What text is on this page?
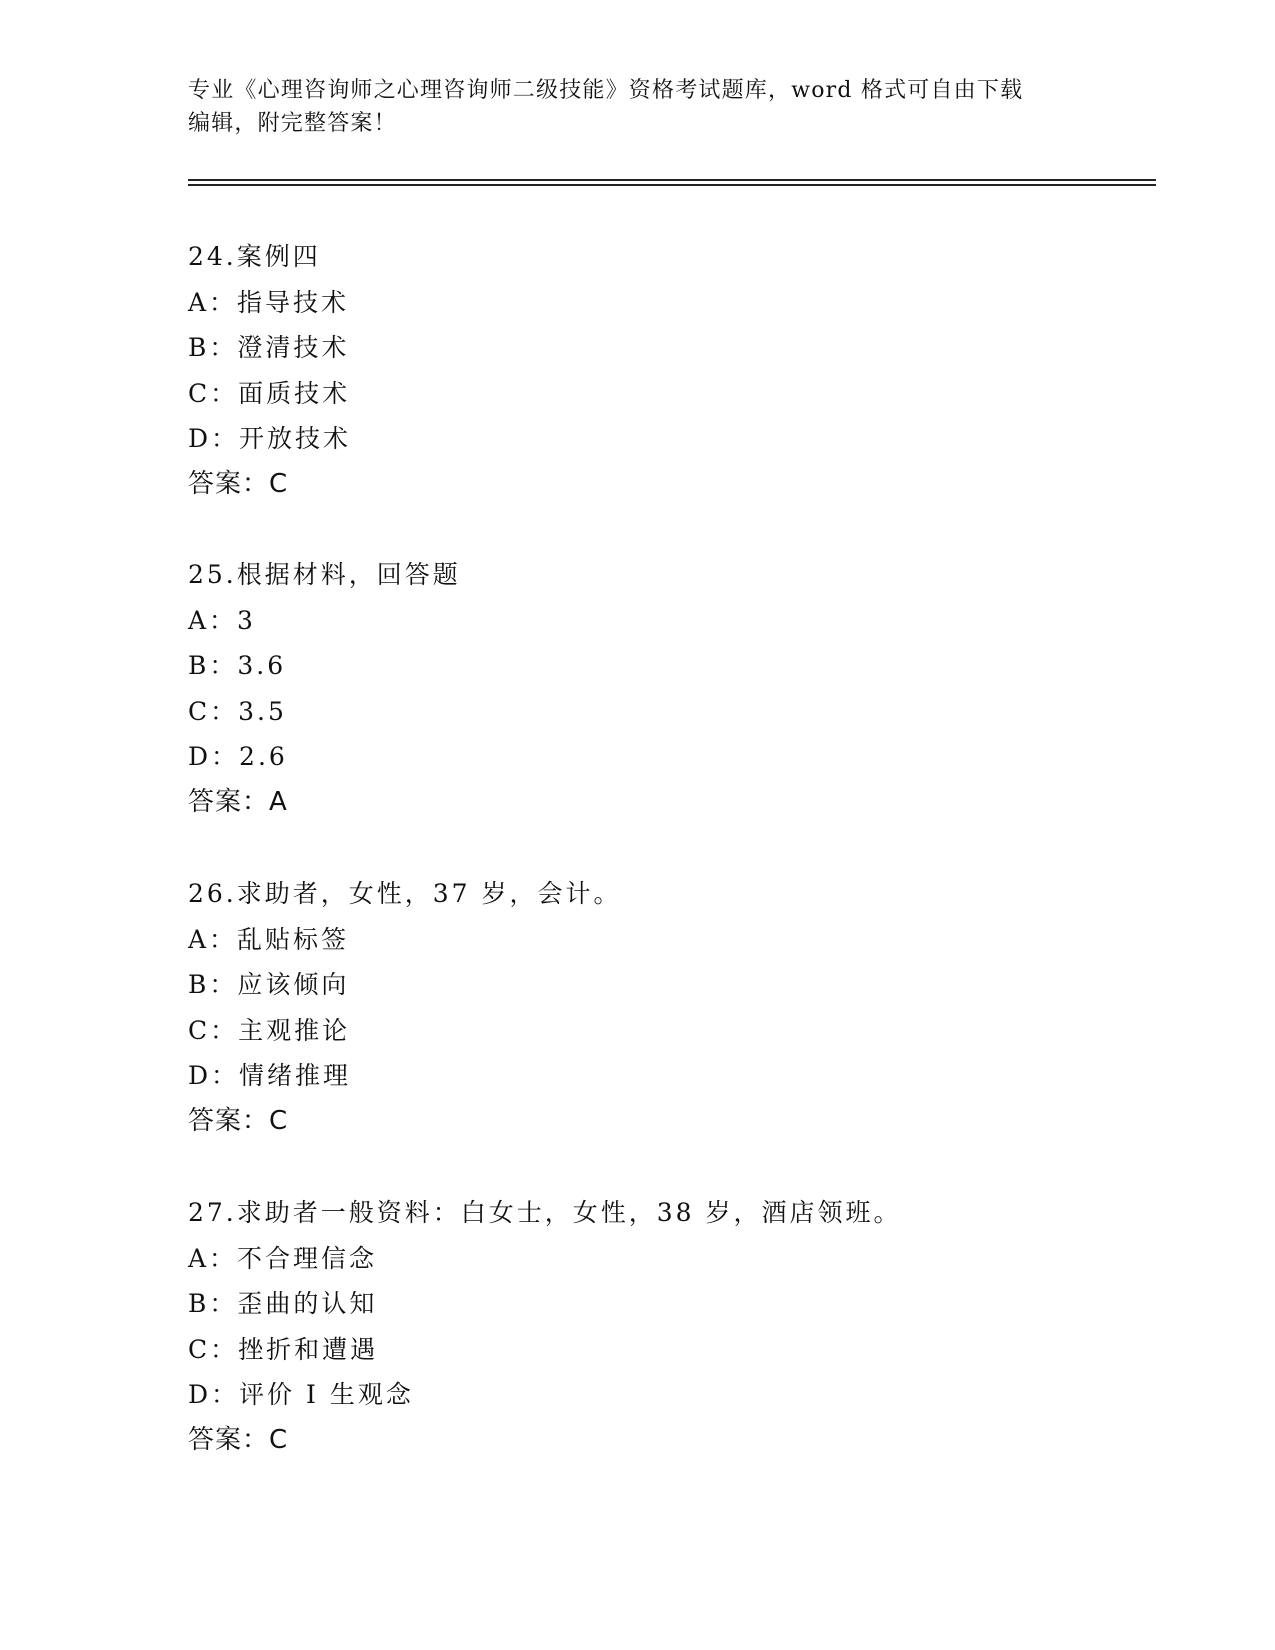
专业《心理咨询师之心理咨询师二级技能》资格考试题库，word 格式可自由下载
编辑，附完整答案！
24.案例四
A：指导技术
B：澄清技术
C：面质技术
D：开放技术
答案：C
25.根据材料，回答题
A：3
B：3.6
C：3.5
D：2.6
答案：A
26.求助者，女性，37 岁，会计。
A：乱贴标签
B：应该倾向
C：主观推论
D：情绪推理
答案：C
27.求助者一般资料：白女士，女性，38 岁，酒店领班。
A：不合理信念
B：歪曲的认知
C：挫折和遭遇
D：评价 I 生观念
答案：C
